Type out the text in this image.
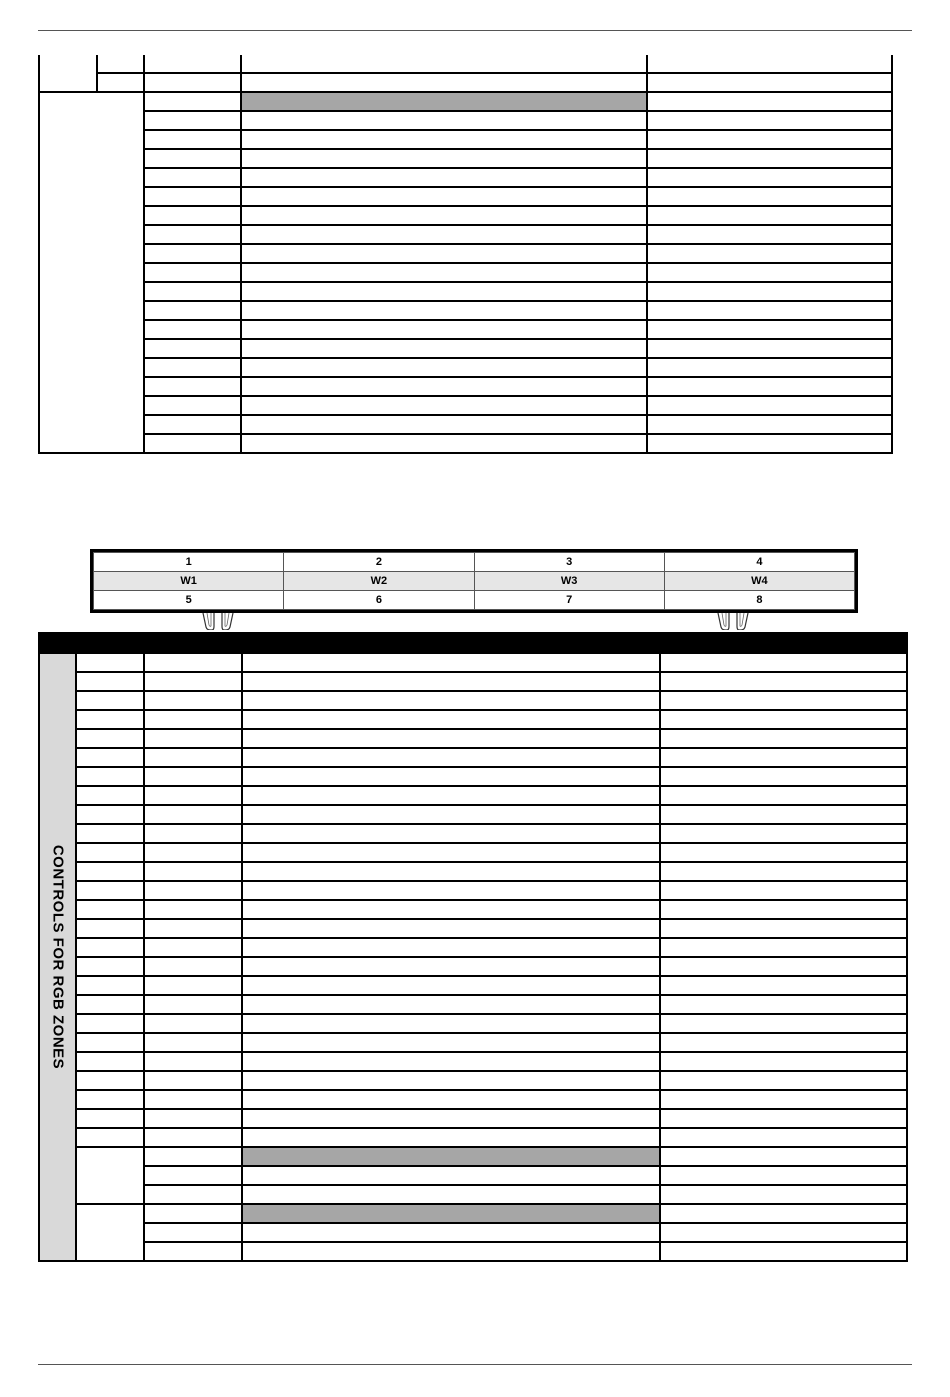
1	2	3	4
W1	W2	W3	W4
5	6	7	8

CONTROLS FOR RGB ZONES				
